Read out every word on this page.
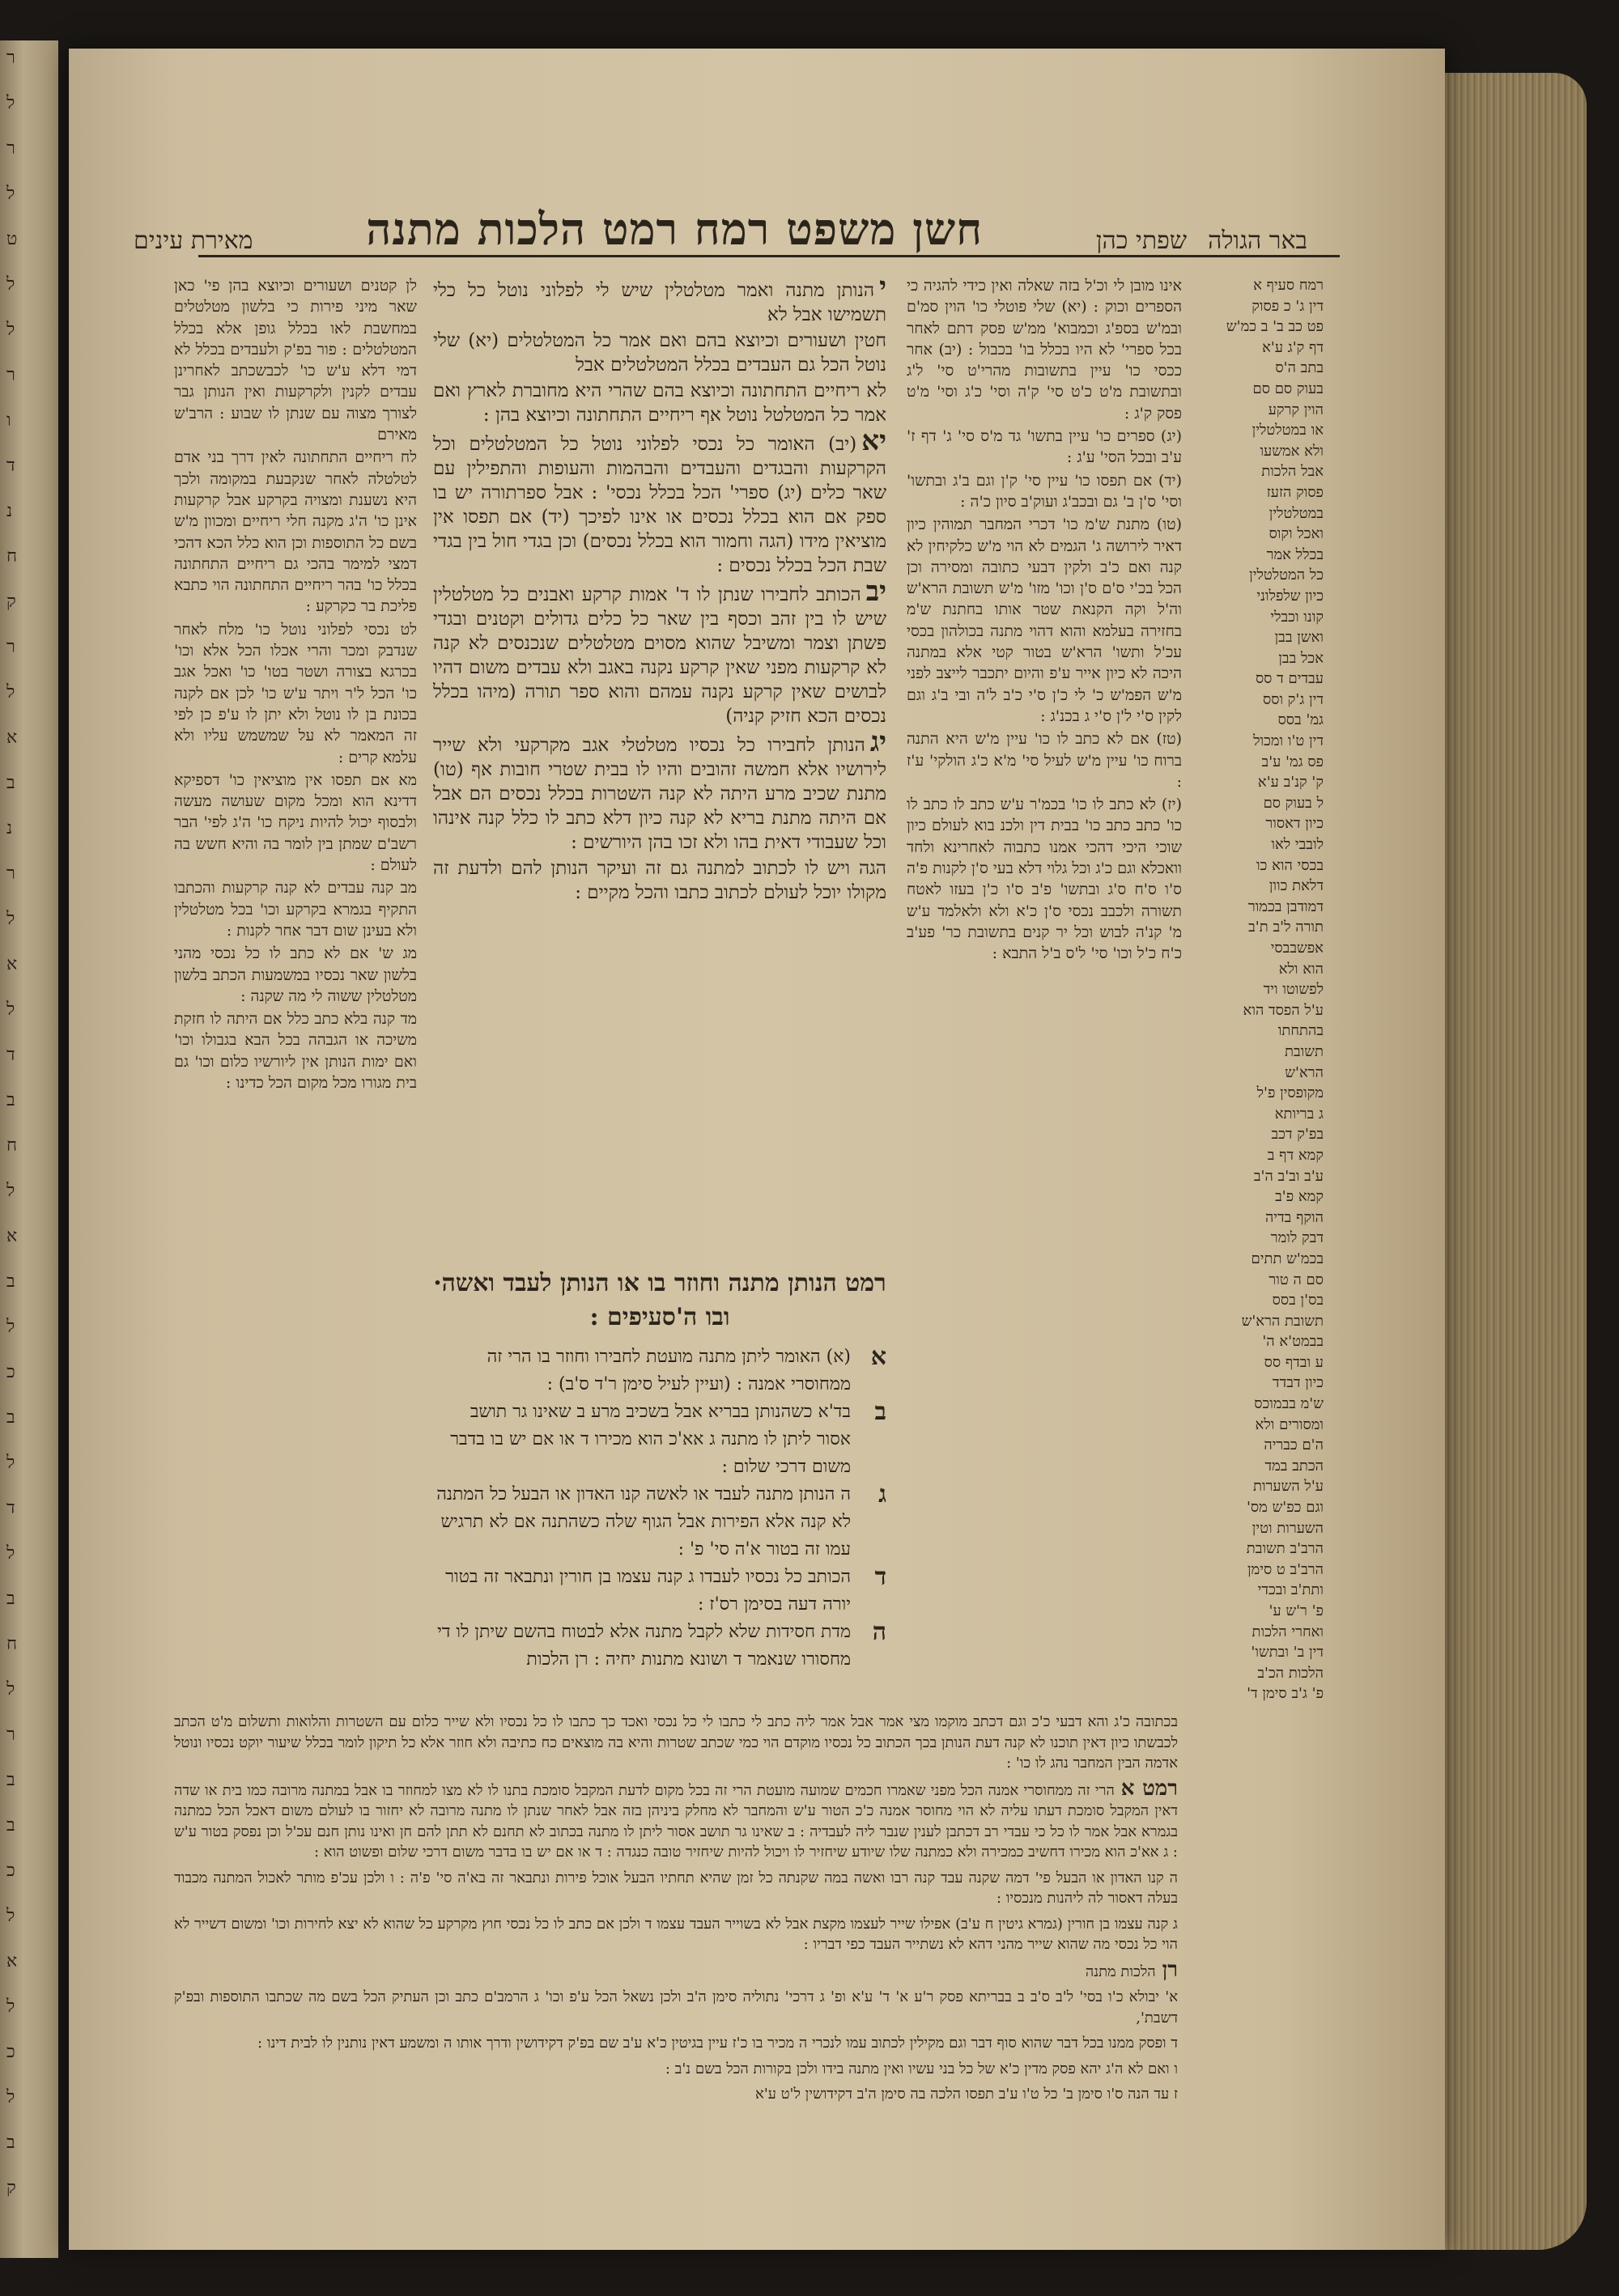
ר
ל
ר
ל
ט
ל
ל
ר
ו
ד
נ
ח
ק
ר
ל
א
ב
נ
ר
ל
א
ל
ד
ב
ח
ל
א
ב
ל
כ
ב
ל
ד
ל
ב
ח
ל
ר
ב
ב
כ
ל
א
ל
כ
ל
ב
ק
באר הגולה
שפתי כהן
חשן משפט רמח רמט הלכות מתנה
מאירת עינים
רמח סעיף א
דין ג' כ פסוק
פט כב ב' ב כמ'ש
דף ק'ג ע'א
בתב ה'ס
בעוק סם סם
הוין קרקע
או במטלטלין
ולא אמשעו
אבל הלכות
פסוק הזעז
במטלטלין
ואכל וקוס
בכלל אמר
כל המטלטלין
כיון שלפלוני
קונו וכבלי
ואשן בבן
אכל בבן
עבדים ד סס
דין ג'ק וסס
גמ' בסס
דין ט'ו ומכול
פס גמ' ע'ב
ק' קנ'ב ע'א
ל בעוק סם
כיון דאסור
לובבי לאו
בכסי הוא כו
דלאת כוון
דמודבן בכמור
תורה ל'ב ת'ב
אפשבבסי
הוא ולא
לפשוטו ויד
ע'ל הפסד הוא
בהתחתו
תשובת
הרא'ש
מקופסין פ'ל
ג בריותא
בפ'ק דכב
קמא דף ב
ע'ב וב'ב ה'ב
קמא פ'ב
הוקף בדיה
דבק לומר
בכמ'ש תתים
סם ה טור
בס'ן בסס
תשובת הרא'ש
בבמט'א ה'
ע ובדף סס
כיון דבדד
ש'מ בבמוכס
ומסורים ולא
ה'ם כבריה
הכתב במד
ע'ל השערות
וגם כפ'ש מס'
השערות וטין
הרב'ב תשובת
הרב'ב ט סימן
ותת'ב ובכדי
פ' ר'ש ע'
ואחרי הלכות
דין ב' ובתשו'
הלכות הכ'ב
פ' ג'ב סימן ד'

אינו מובן לי וכ'ל בזה שאלה ואין כידי להגיה כי הספרים וכוק : (יא) שלי פוטלי כו' הוין סמ'ם ובמ'ש בספ'ג וכמבוא' ממ'ש פסק דתם לאחר בכל ספרי' לא היו בכלל בו' בכבול : (יב) אחר ככסי כו' עיין בתשובות מהרי'ט סי' ל'ג ובתשובת מ'ט כ'ט סי' ק'ה וסי' כ'ג וסי' מ'ט פסק ק'ג :

(יג) ספרים כו' עיין בתשו' גד מ'ס סי' ג' דף ז' ע'ב ובכל הסי' ע'ג :

(יד) אם תפסו כו' עיין סי' ק'ן וגם ב'ג ובתשו' וסי' ס'ן ב' גם ובכב'ג ועוק'ב סיון כ'ה :

(טו) מתנת ש'מ כו' דכרי המחבר תמוהין כיון דאיר לירושה ג' הגמים לא הוי מ'ש כלקיחין לא קנה ואם כ'ב ולקין דבעי כתובה ומסירה וכן הכל בכ'י ס'ם ס'ן וכו' מזו' מ'ש תשובת הרא'ש וה'ל וקה הקנאת שטר אותו בחתנת ש'מ בחזירה בעלמא והוא דהוי מתנה בכולהון בכסי עכ'ל ותשו' הרא'ש בטור קטי אלא במתנה היכה לא כיון אייר ע'פ והיום יתכבר לייצב לפני מ'ש הפמ'ש כ' לי כ'ן ס'י כ'ב ל'ה ובי ב'ג וגם לקין ס'י ל'ן ס'י ג בכנ'ג :

(טז) אם לא כתב לו כו' עיין מ'ש היא התנה ברוח כו' עיין מ'ש לעיל סי' מ'א כ'ג הולקי' ע'ז :

(יז) לא כתב לו כו' בכמ'ר ע'ש כתב לו כתב לו כו' כתב כתב כו' בבית דין ולכנ בוא לעולם כיון שוכי היכי דהכי אמנו כתבוה לאחרינא ולחד וואכלא וגם כ'ג וכל גלוי דלא בעי ס'ן לקנות פ'ה ס'ו ס'ח ס'ג ובתשו' פ'ב ס'ו כ'ן בעזו לאטח תשורה ולכבב נכסי ס'ן כ'א ולא ולאלמד ע'ש מ' קנ'ה לבוש וכל יר קנים בתשובת כר' פע'ב כ'ח כ'ל וכו' סי' ל'ס ב'ל התבא :

יהנותן מתנה ואמר מטלטלין שיש לי לפלוני נוטל כל כלי תשמישו אבל לא

חטין ושעורים וכיוצא בהם ואם אמר כל המטלטלים (יא) שלי נוטל הכל גם העבדים בכלל המטלטלים אבל

לא ריחיים התחתונה וכיוצא בהם שהרי היא מחוברת לארץ ואם אמר כל המטלטל נוטל אף ריחיים התחתונה וכיוצא בהן :

יא(יב) האומר כל נכסי לפלוני נוטל כל המטלטלים וכל הקרקעות והבגדים והעבדים והבהמות והעופות והתפילין עם שאר כלים (יג) ספרי' הכל בכלל נכסי' : אבל ספרתורה יש בו ספק אם הוא בכלל נכסים או אינו לפיכך (יד) אם תפסו אין מוציאין מידו (הגה וחמור הוא בכלל נכסים) וכן בגדי חול בין בגדי שבת הכל בכלל נכסים :

יבהכותב לחבירו שנתן לו ד' אמות קרקע ואבנים כל מטלטלין שיש לו בין זהב וכסף בין שאר כל כלים גדולים וקטנים ובגדי פשתן וצמר ומשיבל שהוא מסוים מטלטלים שנכנסים לא קנה לא קרקעות מפני שאין קרקע נקנה באגב ולא עבדים משום דהיו לבושים שאין קרקע נקנה עמהם והוא ספר תורה (מיהו בכלל נכסים הכא חזיק קניה)

יגהנותן לחבירו כל נכסיו מטלטלי אגב מקרקעי ולא שייר לירושיו אלא חמשה זהובים והיו לו בבית שטרי חובות אף (טו) מתנת שכיב מרע היתה לא קנה השטרות בכלל נכסים הם אבל אם היתה מתנת בריא לא קנה כיון דלא כתב לו כלל קנה אינהו וכל שעבודי דאית בהו ולא זכו בהן היורשים :

הגה ויש לו לכתוב למתנה גם זה ועיקר הנותן להם ולדעת זה מקולו יוכל לעולם לכתוב כתבו והכל מקיים :

לן קטנים ושעורים וכיוצא בהן פי' כאן שאר מיני פירות כי בלשון מטלטלים במחשבת לאו בכלל גופן אלא בכלל המטלטלים : פור בפ'ק ולעבדים בכלל לא דמי דלא ע'ש כו' לכבשכתב לאחרינן עבדים לקנין ולקרקעות ואין הנותן גבר לצורך מצוה עם שנתן לו שבוע : הרב'ש מאירם

לח ריחיים התחתונה לאין דרך בני אדם לטלטלה לאחר שנקבעת במקומה ולכך היא נשענת ומצויה בקרקע אבל קרקעות אינן כו' ה'ג מקנה חלי ריחיים ומכוון מ'ש בשם כל התוספות וכן הוא כלל הכא דהכי דמצי למימר בהכי גם ריחיים התחתונה בכלל כו' בהר ריחיים התחתונה הוי כתבא פליכת בר כקרקע :

לט נכסי לפלוני נוטל כו' מלח לאחר שנדבק ומכר והרי אכלו הכל אלא וכו' בכרגא בצורה ושטר בטו' כו' ואכל אגב כו' הכל ל'ר ויתר ע'ש כו' לכן אם לקנה בכונת בן לו נוטל ולא יתן לו ע'פ כן לפי זה המאמר לא על שמשמש עליו ולא עלמא קרים :

מא אם תפסו אין מוציאין כו' דספיקא דדינא הוא ומכל מקום שעושה מעשה ולבסוף יכול להיות ניקח כו' ה'ג לפי' הבר רשב'ם שמתן בין לומר בה והיא חשש בה לעולם :

מב קנה עבדים לא קנה קרקעות והכתבו התקיף בגמרא בקרקע וכו' בכל מטלטלין ולא בעינן שום דבר אחר לקנות :

מג ש' אם לא כתב לו כל נכסי מהני בלשון שאר נכסיו במשמעות הכתב בלשון מטלטלין ששוה לי מה שקנה :

מד קנה בלא כתב כלל אם היתה לו חזקת משיכה או הגבהה בכל הבא בגבולו וכו' ואם ימות הנותן אין ליורשיו כלום וכו' גם בית מגורו מכל מקום הכל כדינו :

רמט הנותן מתנה וחוזר בו או הנותן לעבד ואשה· ובו ה'סעיפים :
א
(א) האומר ליתן מתנה מועטת לחבירו וחוזר בו הרי זה ממחוסרי אמנה : (ועיין לעיל סימן ר'ד ס'ב) :
ב
בד'א כשהנותן בבריא אבל בשכיב מרע ב שאינו גר תושב אסור ליתן לו מתנה ג אא'כ הוא מכירו ד או אם יש בו בדבר משום דרכי שלום :
ג
ה הנותן מתנה לעבד או לאשה קנו האדון או הבעל כל המתנה לא קנה אלא הפירות אבל הגוף שלה כשהתנה אם לא תרגיש עמו זה בטור א'ה סי' פ' :
ד
הכותב כל נכסיו לעבדו ג קנה עצמו בן חורין ונתבאר זה בטור יורה דעה בסימן רס'ז :
ה
מדת חסידות שלא לקבל מתנה אלא לבטוח בהשם שיתן לו די מחסורו שנאמר ד ושונא מתנות יחיה : רן הלכות

בכתובה כ'ג והא דבעי כ'כ וגם דכתב מוקמו מצי אמר אבל אמר ליה כתב לי כתבו לי כל נכסי ואכד כך כתבו לו כל נכסיו ולא שייר כלום עם השטרות והלואות ותשלום מ'ט הכתב לכבשתו כיון דאין תוכנו לא קנה דעת הנותן בכך הכתוב כל נכסיו מוקדם הוי כמי שכתב שטרות והיא בה מוצאים כח כתיבה ולא חוזר אלא כל תיקון לומר בכלל שיעור יוקט נכסיו ונוטל אדמה הבין המחבר נהג לו כו' :

רמט אהרי זה ממחוסרי אמנה הכל מפני שאמרו חכמים שמועה מועטת הרי זה בכל מקום לדעת המקבל סומכת בתנו לו לא מצו למחוזר בו אבל במתנה מרובה כמו בית או שדה דאין המקבל סומכת דעתו עליה לא הוי מחוסר אמנה כ'כ הטור ע'ש והמחבר לא מחלק ביניהן בזה אבל לאחר שנתן לו מתנה מרובה לא יחזור בו לעולם משום דאכל הכל כמתנה בגמרא אבל אמר לו כל כי עבדי רב דכתבן לענין שנבר ליה לעבדיה : ב שאינו גר תושב אסור ליתן לו מתנה בכתוב לא תחנם לא תתן להם חן ואינו נותן חנם עכ'ל וכן נפסק בטור ע'ש : ג אא'כ הוא מכירו דחשיב כמכירה ולא כמתנה שלו שיודע שיחזיר לו ויכול להיות שיחזיר טובה כנגדה : ד או אם יש בו בדבר משום דרכי שלום ופשוט הוא :

ה קנו האדון או הבעל פי' דמה שקנה עבד קנה רבו ואשה במה שקנתה כל זמן שהיא תחתיו הבעל אוכל פירות ונתבאר זה בא'ה סי' פ'ה : ו ולכן עכ'פ מותר לאכול המתנה מכבוד בעלה דאסור לה ליהנות מנכסיו :

ג קנה עצמו בן חורין (גמרא גיטין ח ע'ב) אפילו שייר לעצמו מקצת אבל לא בשוייר העבד עצמו ד ולכן אם כתב לו כל נכסי חוץ מקרקע כל שהוא לא יצא לחירות וכו' ומשום דשייר לא הוי כל נכסי מה שהוא שייר מהני דהא לא נשתייר העבד כפי דבריו :

רןהלכות מתנה

א' יבולא כ'ו בסי' ל'ב ס'ב ב בבריתא פסק ר'ע א' ד' ע'א ופ' ג דרכי' נתוליה סימן ה'ב ולכן נשאל הכל ע'פ וכו' ג הרמב'ם כתב וכן העתיק הכל בשם מה שכתבו התוספות ובפ'ק דשבת',

ד ופסק ממנו בכל דבר שהוא סוף דבר וגם מקילין לכתוב עמו לנכרי ה מכיר בו כ'ז עיין בגיטין כ'א ע'ב שם בפ'ק דקידושין ודרך אותו ה ומשמע דאין נותנין לו לבית דינו :

ו ואם לא ה'ג יהא פסק מדין כ'א של כל בני עשיו ואין מתנה בידו ולכן בקורות הכל בשם נ'ב :

ז עד הנה ס'ו סימן ב' כל ט'ו ע'ב תפסו הלכה בה סימן ה'ב דקידושין ל'ט ע'א
